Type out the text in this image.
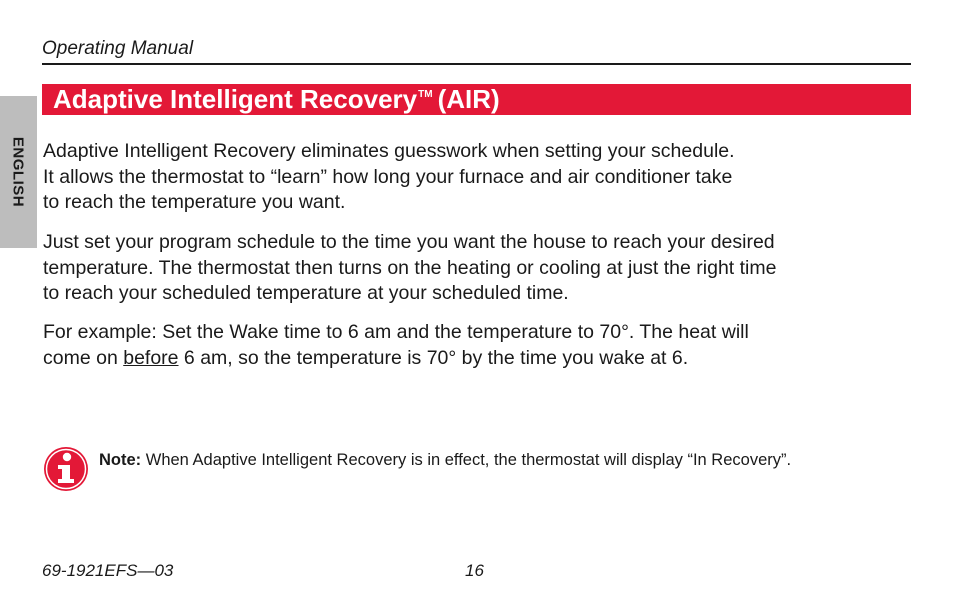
Operating Manual
ENGLISH
Adaptive Intelligent Recovery™ (AIR)

Adaptive Intelligent Recovery eliminates guesswork when setting your schedule.
It allows the thermostat to “learn” how long your furnace and air conditioner take
to reach the temperature you want.

Just set your program schedule to the time you want the house to reach your desired
temperature. The thermostat then turns on the heating or cooling at just the right time
to reach your scheduled temperature at your scheduled time.

For example: Set the Wake time to 6 am and the temperature to 70°. The heat will
come on before 6 am, so the temperature is 70° by the time you wake at 6.

Note: When Adaptive Intelligent Recovery is in effect, the thermostat will display “In Recovery”.

69-1921EFS—03	16
